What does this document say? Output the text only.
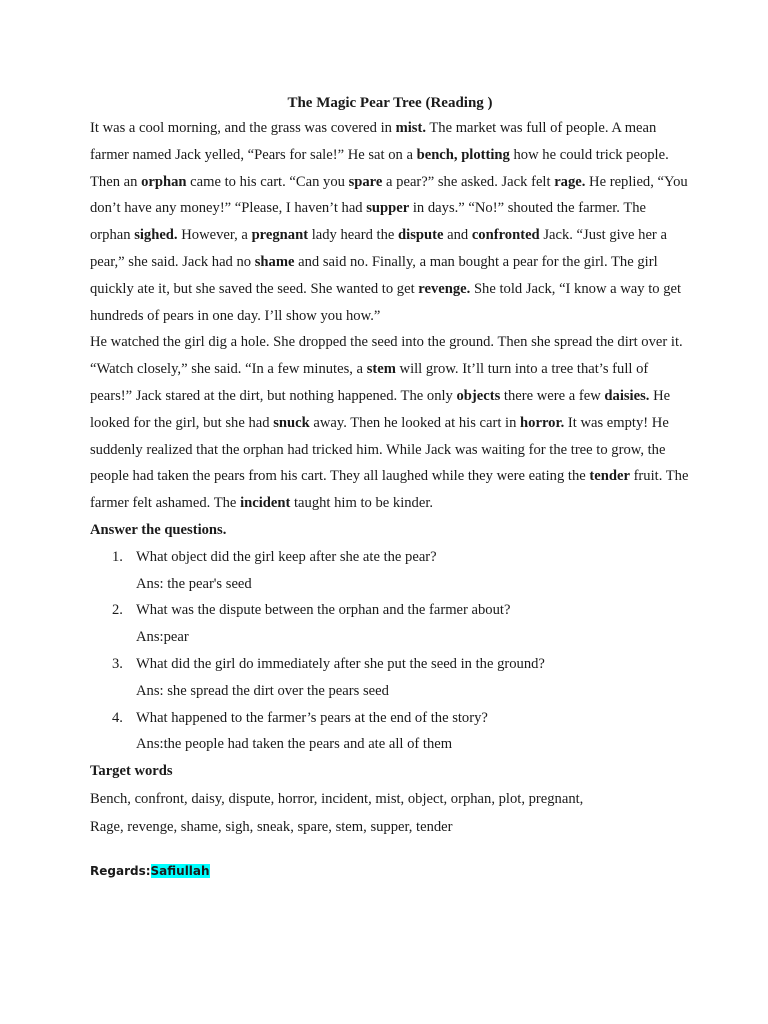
The Magic Pear Tree (Reading )

It was a cool morning, and the grass was covered in mist. The market was full of people. A mean farmer named Jack yelled, “Pears for sale!” He sat on a bench, plotting how he could trick people. Then an orphan came to his cart. “Can you spare a pear?” she asked. Jack felt rage. He replied, “You don’t have any money!” “Please, I haven’t had supper in days.” “No!” shouted the farmer. The orphan sighed. However, a pregnant lady heard the dispute and confronted Jack. “Just give her a pear,” she said. Jack had no shame and said no. Finally, a man bought a pear for the girl. The girl quickly ate it, but she saved the seed. She wanted to get revenge. She told Jack, “I know a way to get hundreds of pears in one day. I’ll show you how.”

He watched the girl dig a hole. She dropped the seed into the ground. Then she spread the dirt over it. “Watch closely,” she said. “In a few minutes, a stem will grow. It’ll turn into a tree that’s full of pears!” Jack stared at the dirt, but nothing happened. The only objects there were a few daisies. He looked for the girl, but she had snuck away. Then he looked at his cart in horror. It was empty! He suddenly realized that the orphan had tricked him. While Jack was waiting for the tree to grow, the people had taken the pears from his cart. They all laughed while they were eating the tender fruit. The farmer felt ashamed. The incident taught him to be kinder.

Answer the questions.
1. What object did the girl keep after she ate the pear?
Ans: the pear's seed
2. What was the dispute between the orphan and the farmer about?
Ans:pear
3. What did the girl do immediately after she put the seed in the ground?
Ans: she spread the dirt over the pears seed
4. What happened to the farmer’s pears at the end of the story?
Ans:the people had taken the pears and ate all of them
Target words
Bench, confront, daisy, dispute, horror, incident, mist, object, orphan, plot, pregnant,
Rage, revenge, shame, sigh, sneak, spare, stem, supper, tender
Regards:Safiullah
